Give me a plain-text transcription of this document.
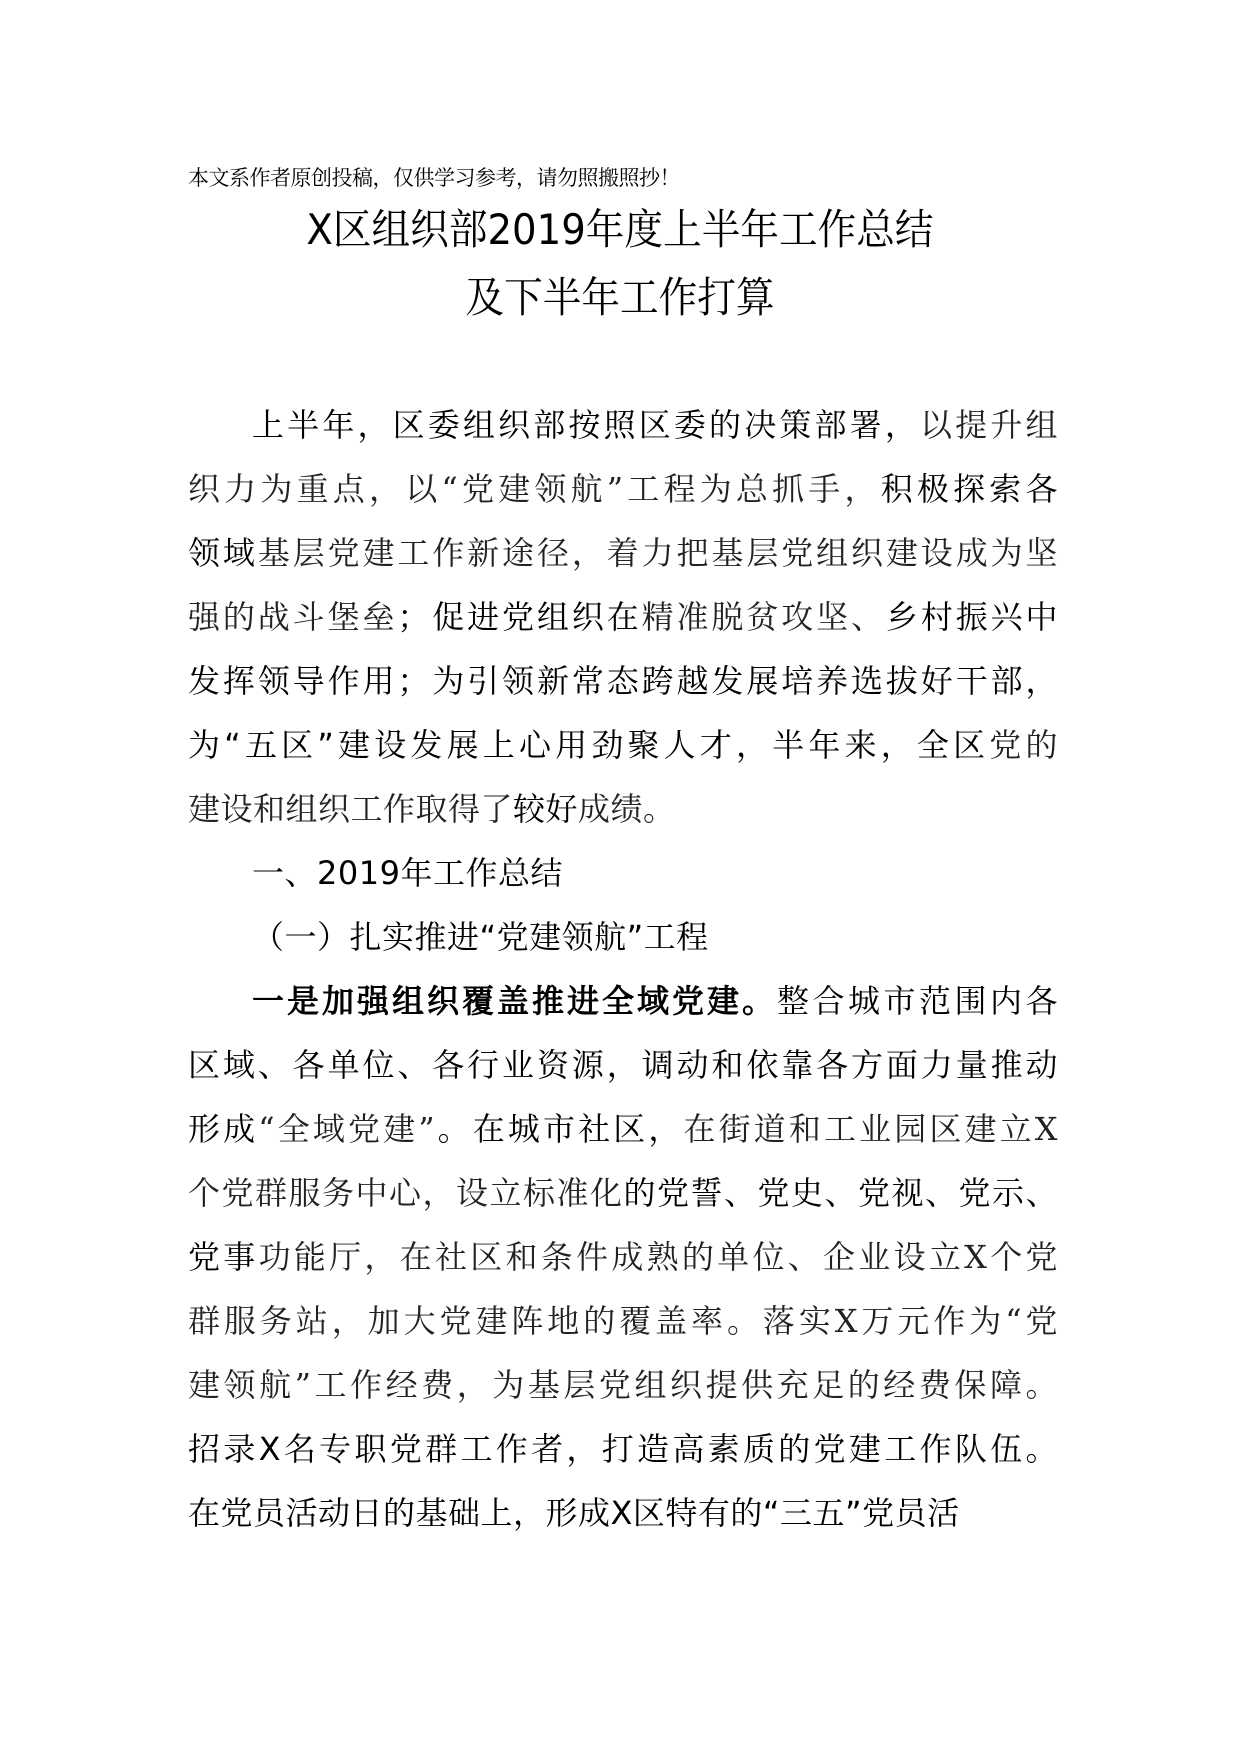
本文系作者原创投稿，仅供学习参考，请勿照搬照抄！
X区组织部2019年度上半年工作总结
及下半年工作打算
上半年，区委组织部按照区委的决策部署，以提升组
织力为重点，以“党建领航”工程为总抓手，积极探索各
领域基层党建工作新途径，着力把基层党组织建设成为坚
强的战斗堡垒；促进党组织在精准脱贫攻坚、乡村振兴中
发挥领导作用；为引领新常态跨越发展培养选拔好干部，
为“五区”建设发展上心用劲聚人才，半年来，全区党的
建设和组织工作取得了较好成绩。
一、2019年工作总结
（一）扎实推进“党建领航”工程
一是加强组织覆盖推进全域党建。整合城市范围内各
区域、各单位、各行业资源，调动和依靠各方面力量推动
形成“全域党建”。在城市社区，在街道和工业园区建立X
个党群服务中心，设立标准化的党誓、党史、党视、党示、
党事功能厅，在社区和条件成熟的单位、企业设立X个党
群服务站，加大党建阵地的覆盖率。落实X万元作为“党
建领航”工作经费，为基层党组织提供充足的经费保障。
招录X名专职党群工作者，打造高素质的党建工作队伍。
在党员活动日的基础上，形成X区特有的“三五”党员活
